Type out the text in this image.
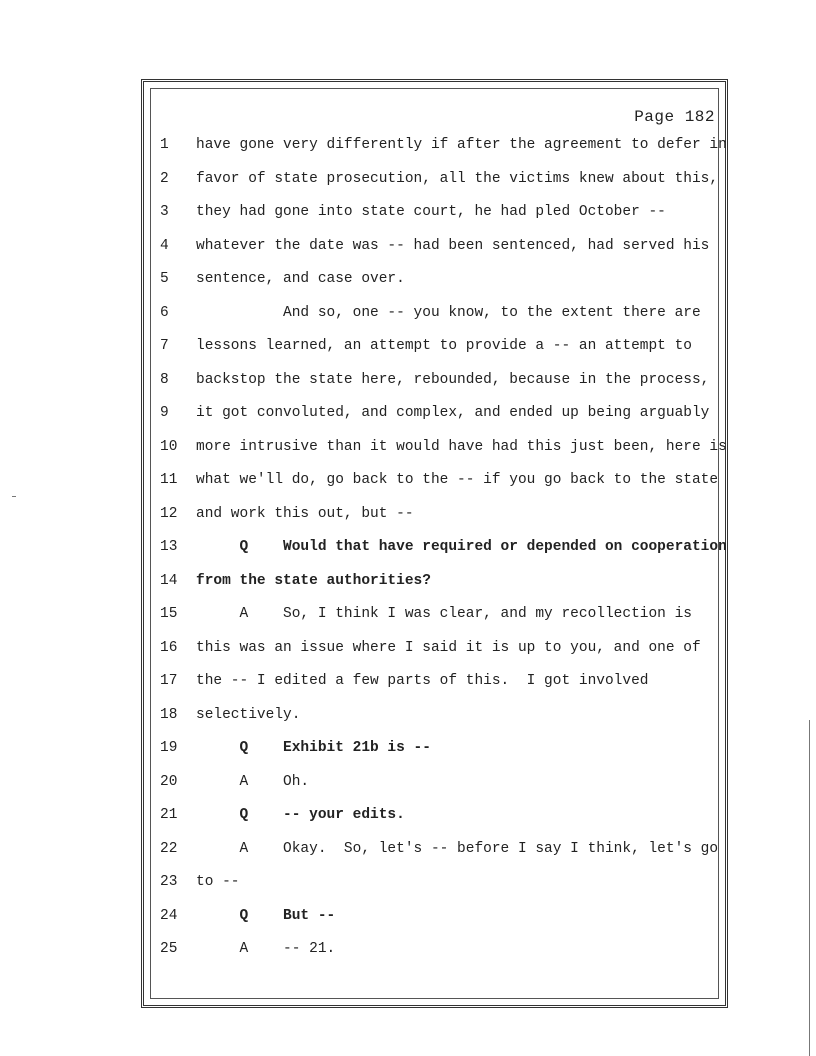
Page 182
1	have gone very differently if after the agreement to defer in
2	favor of state prosecution, all the victims knew about this,
3	they had gone into state court, he had pled October --
4	whatever the date was -- had been sentenced, had served his
5	sentence, and case over.
6	And so, one -- you know, to the extent there are
7	lessons learned, an attempt to provide a -- an attempt to
8	backstop the state here, rebounded, because in the process,
9	it got convoluted, and complex, and ended up being arguably
10 more intrusive than it would have had this just been, here is
11 what we'll do, go back to the -- if you go back to the state
12 and work this out, but --
13 Q    Would that have required or depended on cooperation
14 from the state authorities?
15 A    So, I think I was clear, and my recollection is
16 this was an issue where I said it is up to you, and one of
17 the -- I edited a few parts of this.  I got involved
18 selectively.
19 Q    Exhibit 21b is --
20 A    Oh.
21 Q    -- your edits.
22 A    Okay.  So, let's -- before I say I think, let's go
23 to --
24 Q    But --
25 A    -- 21.
